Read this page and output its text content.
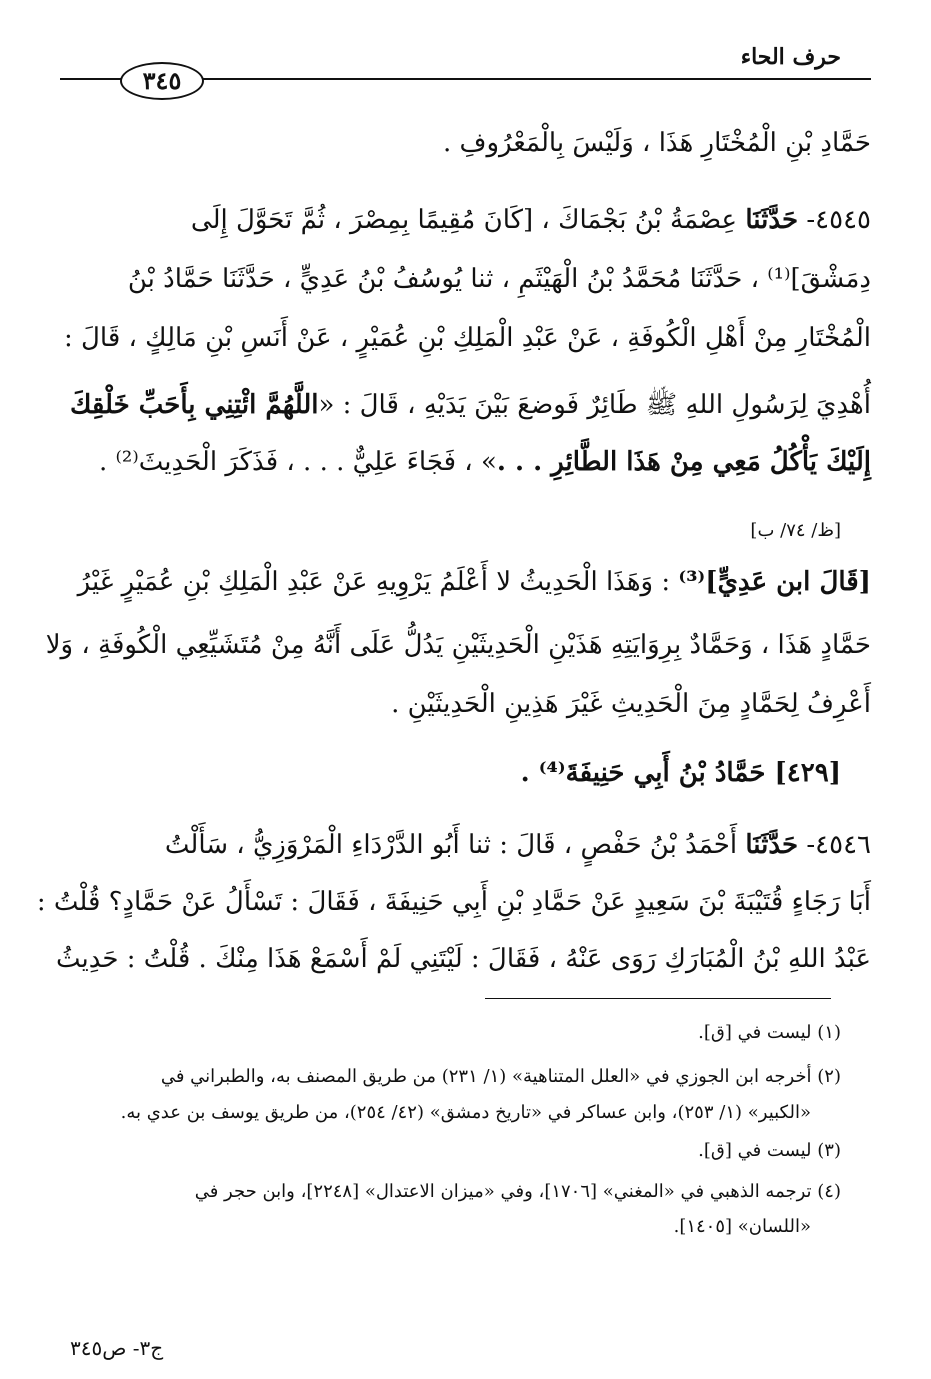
حرف الحاء
٣٤٥
حَمَّادِ بْنِ الْمُخْتَارِ هَذَا ، وَلَيْسَ بِالْمَعْرُوفِ .
٤٥٤٥- حَدَّثَنَا عِصْمَةُ بْنُ بَجْمَاكَ ، [كَانَ مُقِيمًا بِمِصْرَ ، ثُمَّ تَحَوَّلَ إِلَى
دِمَشْقَ]⁽¹⁾ ، حَدَّثَنَا مُحَمَّدُ بْنُ الْهَيْثَمِ ، ثنا يُوسُفُ بْنُ عَدِيٍّ ، حَدَّثَنَا حَمَّادُ بْنُ
الْمُخْتَارِ مِنْ أَهْلِ الْكُوفَةِ ، عَنْ عَبْدِ الْمَلِكِ بْنِ عُمَيْرٍ ، عَنْ أَنَسِ بْنِ مَالِكٍ ، قَالَ :
أُهْدِيَ لِرَسُولِ اللهِ ﷺ طَائِرٌ فَوضعَ بَيْنَ يَدَيْهِ ، قَالَ : «اللَّهُمَّ ائْتِنِي بِأَحَبِّ خَلْقِكَ
إِلَيْكَ يَأْكُلُ مَعِي مِنْ هَذَا الطَّائِرِ . . .» ، فَجَاءَ عَلِيٌّ . . . ، فَذَكَرَ الْحَدِيثَ⁽²⁾ .
[ظ/ ٧٤/ ب]
[قَالَ ابن عَدِيٍّ]⁽³⁾ : وَهَذَا الْحَدِيثُ لا أَعْلَمُ يَرْوِيهِ عَنْ عَبْدِ الْمَلِكِ بْنِ عُمَيْرٍ غَيْرُ
حَمَّادٍ هَذَا ، وَحَمَّادٌ بِرِوَايَتِهِ هَذَيْنِ الْحَدِيثَيْنِ يَدُلُّ عَلَى أَنَّهُ مِنْ مُتَشَيِّعِي الْكُوفَةِ ، وَلا
أَعْرِفُ لِحَمَّادٍ مِنَ الْحَدِيثِ غَيْرَ هَذِينِ الْحَدِيثَيْنِ .
[٤٢٩] حَمَّادُ بْنُ أَبِي حَنِيفَةَ⁽⁴⁾ .
٤٥٤٦- حَدَّثَنَا أَحْمَدُ بْنُ حَفْصٍ ، قَالَ : ثنا أَبُو الدَّرْدَاءِ الْمَرْوَزِيُّ ، سَأَلْتُ
أَبَا رَجَاءٍ قُتَيْبَةَ بْنَ سَعِيدٍ عَنْ حَمَّادِ بْنِ أَبِي حَنِيفَةَ ، فَقَالَ : تَسْأَلُ عَنْ حَمَّادٍ؟ قُلْتُ :
عَبْدُ اللهِ بْنُ الْمُبَارَكِ رَوَى عَنْهُ ، فَقَالَ : لَيْتَنِي لَمْ أَسْمَعْ هَذَا مِنْكَ . قُلْتُ : حَدِيثُ
(١) ليست في [ق].
(٢) أخرجه ابن الجوزي في «العلل المتناهية» (١/ ٢٣١) من طريق المصنف به، والطبراني في
«الكبير» (١/ ٢٥٣)، وابن عساكر في «تاريخ دمشق» (٤٢/ ٢٥٤)، من طريق يوسف بن عدي به.
(٣) ليست في [ق].
(٤) ترجمه الذهبي في «المغني» [١٧٠٦]، وفي «ميزان الاعتدال» [٢٢٤٨]، وابن حجر في
«اللسان» [١٤٠٥].
ج٣- ص٣٤٥
